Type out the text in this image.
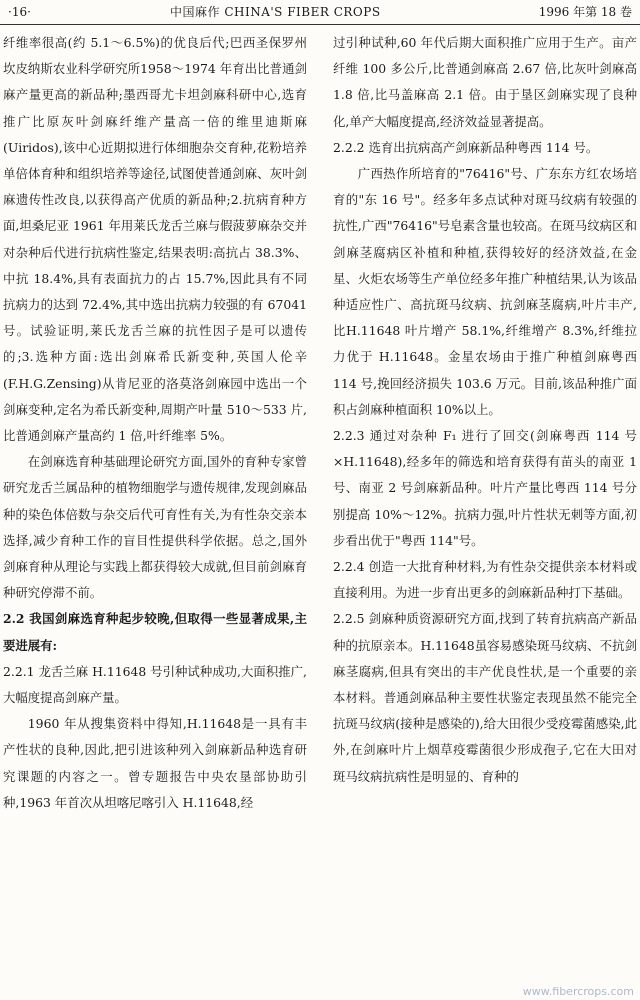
·16·	中国麻作 CHINA'S FIBER CROPS	1996 年第 18 卷

纤维率很高(约 5.1～6.5%)的优良后代;巴西圣保罗州坎皮纳斯农业科学研究所1958～1974 年育出比普通剑麻产量更高的新品种;墨西哥尤卡坦剑麻科研中心,选育推广比原灰叶剑麻纤维产量高一倍的维里迪斯麻(Uiridos),该中心近期拟进行体细胞杂交育种,花粉培养单倍体育种和组织培养等途径,试图使普通剑麻、灰叶剑麻遗传性改良,以获得高产优质的新品种;2.抗病育种方面,坦桑尼亚 1961 年用莱氏龙舌兰麻与假菠萝麻杂交并对杂种后代进行抗病性鉴定,结果表明:高抗占 38.3%、中抗 18.4%,具有表面抗力的占 15.7%,因此具有不同抗病力的达到 72.4%,其中选出抗病力较强的有 67041 号。试验证明,莱氏龙舌兰麻的抗性因子是可以遗传的;3.选种方面:选出剑麻希氏新变种,英国人伦辛(F.H.G.Zensing)从肯尼亚的洛莫洛剑麻园中选出一个剑麻变种,定名为希氏新变种,周期产叶量 510～533 片,比普通剑麻产量高约 1 倍,叶纤维率 5%。

在剑麻选育种基础理论研究方面,国外的育种专家曾研究龙舌兰属品种的植物细胞学与遗传规律,发现剑麻品种的染色体倍数与杂交后代可育性有关,为有性杂交亲本选择,减少育种工作的盲目性提供科学依据。总之,国外剑麻育种从理论与实践上都获得较大成就,但目前剑麻育种研究停滞不前。

2.2 我国剑麻选育种起步较晚,但取得一些显著成果,主要进展有:

2.2.1 龙舌兰麻 H.11648 号引种试种成功,大面积推广,大幅度提高剑麻产量。

1960 年从搜集资料中得知,H.11648是一具有丰产性状的良种,因此,把引进该种列入剑麻新品种选育研究课题的内容之一。曾专题报告中央农垦部协助引种,1963 年首次从坦喀尼喀引入 H.11648,经

过引种试种,60 年代后期大面积推广应用于生产。亩产纤维 100 多公斤,比普通剑麻高 2.67 倍,比灰叶剑麻高 1.8 倍,比马盖麻高 2.1 倍。由于垦区剑麻实现了良种化,单产大幅度提高,经济效益显著提高。

2.2.2 选育出抗病高产剑麻新品种粤西 114 号。

广西热作所培育的"76416"号、广东东方红农场培育的"东 16 号"。经多年多点试种对斑马纹病有较强的抗性,广西"76416"号皂素含量也较高。在斑马纹病区和剑麻茎腐病区补植和种植,获得较好的经济效益,在金星、火炬农场等生产单位经多年推广种植结果,认为该品种适应性广、高抗斑马纹病、抗剑麻茎腐病,叶片丰产,比H.11648 叶片增产 58.1%,纤维增产 8.3%,纤维拉力优于 H.11648。金星农场由于推广种植剑麻粤西 114 号,挽回经济损失 103.6 万元。目前,该品种推广面积占剑麻种植面积 10%以上。

2.2.3 通过对杂种 F₁ 进行了回交(剑麻粤西 114 号×H.11648),经多年的筛选和培育获得有苗头的南亚 1 号、南亚 2 号剑麻新品种。叶片产量比粤西 114 号分别提高 10%～12%。抗病力强,叶片性状无刺等方面,初步看出优于"粤西 114"号。

2.2.4 创造一大批育种材料,为有性杂交提供亲本材料或直接利用。为进一步育出更多的剑麻新品种打下基础。

2.2.5 剑麻种质资源研究方面,找到了转育抗病高产新品种的抗原亲本。H.11648虽容易感染斑马纹病、不抗剑麻茎腐病,但具有突出的丰产优良性状,是一个重要的亲本材料。普通剑麻品种主要性状鉴定表现虽然不能完全抗斑马纹病(接种是感染的),给大田很少受疫霉菌感染,此外,在剑麻叶片上烟草疫霉菌很少形成孢子,它在大田对斑马纹病抗病性是明显的、育种的

www.fibercrops.com
